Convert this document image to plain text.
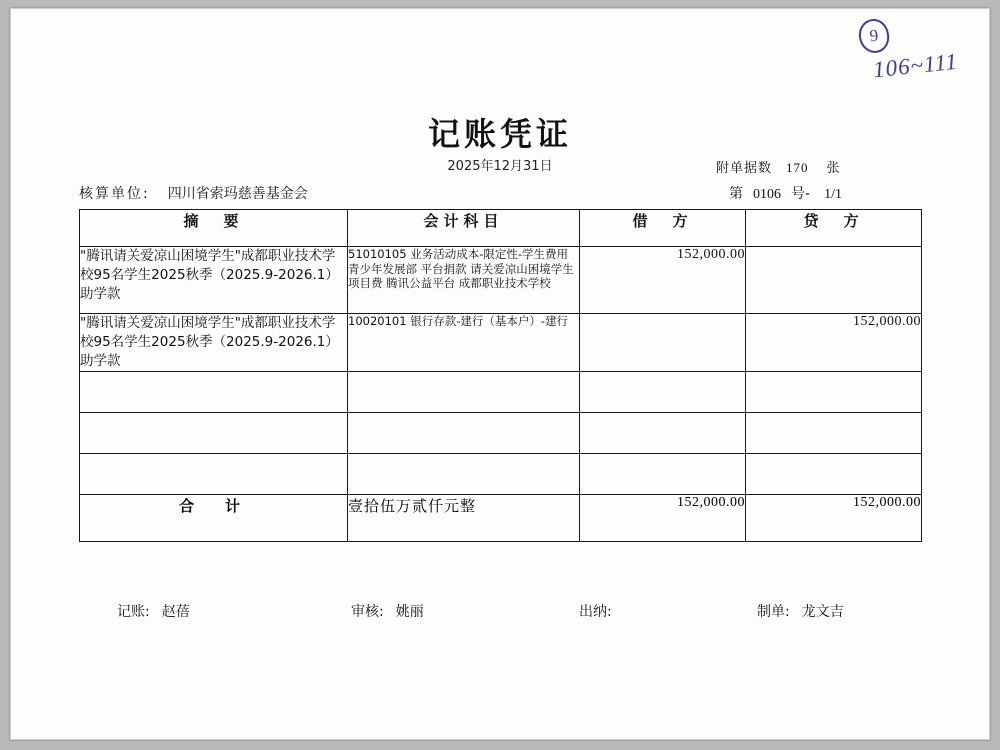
9
106~111
记账凭证
2025年12月31日	附单据数 170 张
核算单位: 四川省索玛慈善基金会	第 0106 号- 1/1
摘　要	会计科目	借　方	贷　方
"腾讯请关爱凉山困境学生"成都职业技术学校95名学生2025秋季（2025.9-2026.1）助学款	51010105 业务活动成本-限定性-学生费用 青少年发展部 平台捐款 请关爱凉山困境学生 项目费 腾讯公益平台 成都职业技术学校	152,000.00	
"腾讯请关爱凉山困境学生"成都职业技术学校95名学生2025秋季（2025.9-2026.1）助学款	10020101 银行存款-建行（基本户）-建行		152,000.00

合　计	壹拾伍万贰仟元整	152,000.00	152,000.00
记账: 赵蓓	审核: 姚丽	出纳:	制单: 龙文吉
